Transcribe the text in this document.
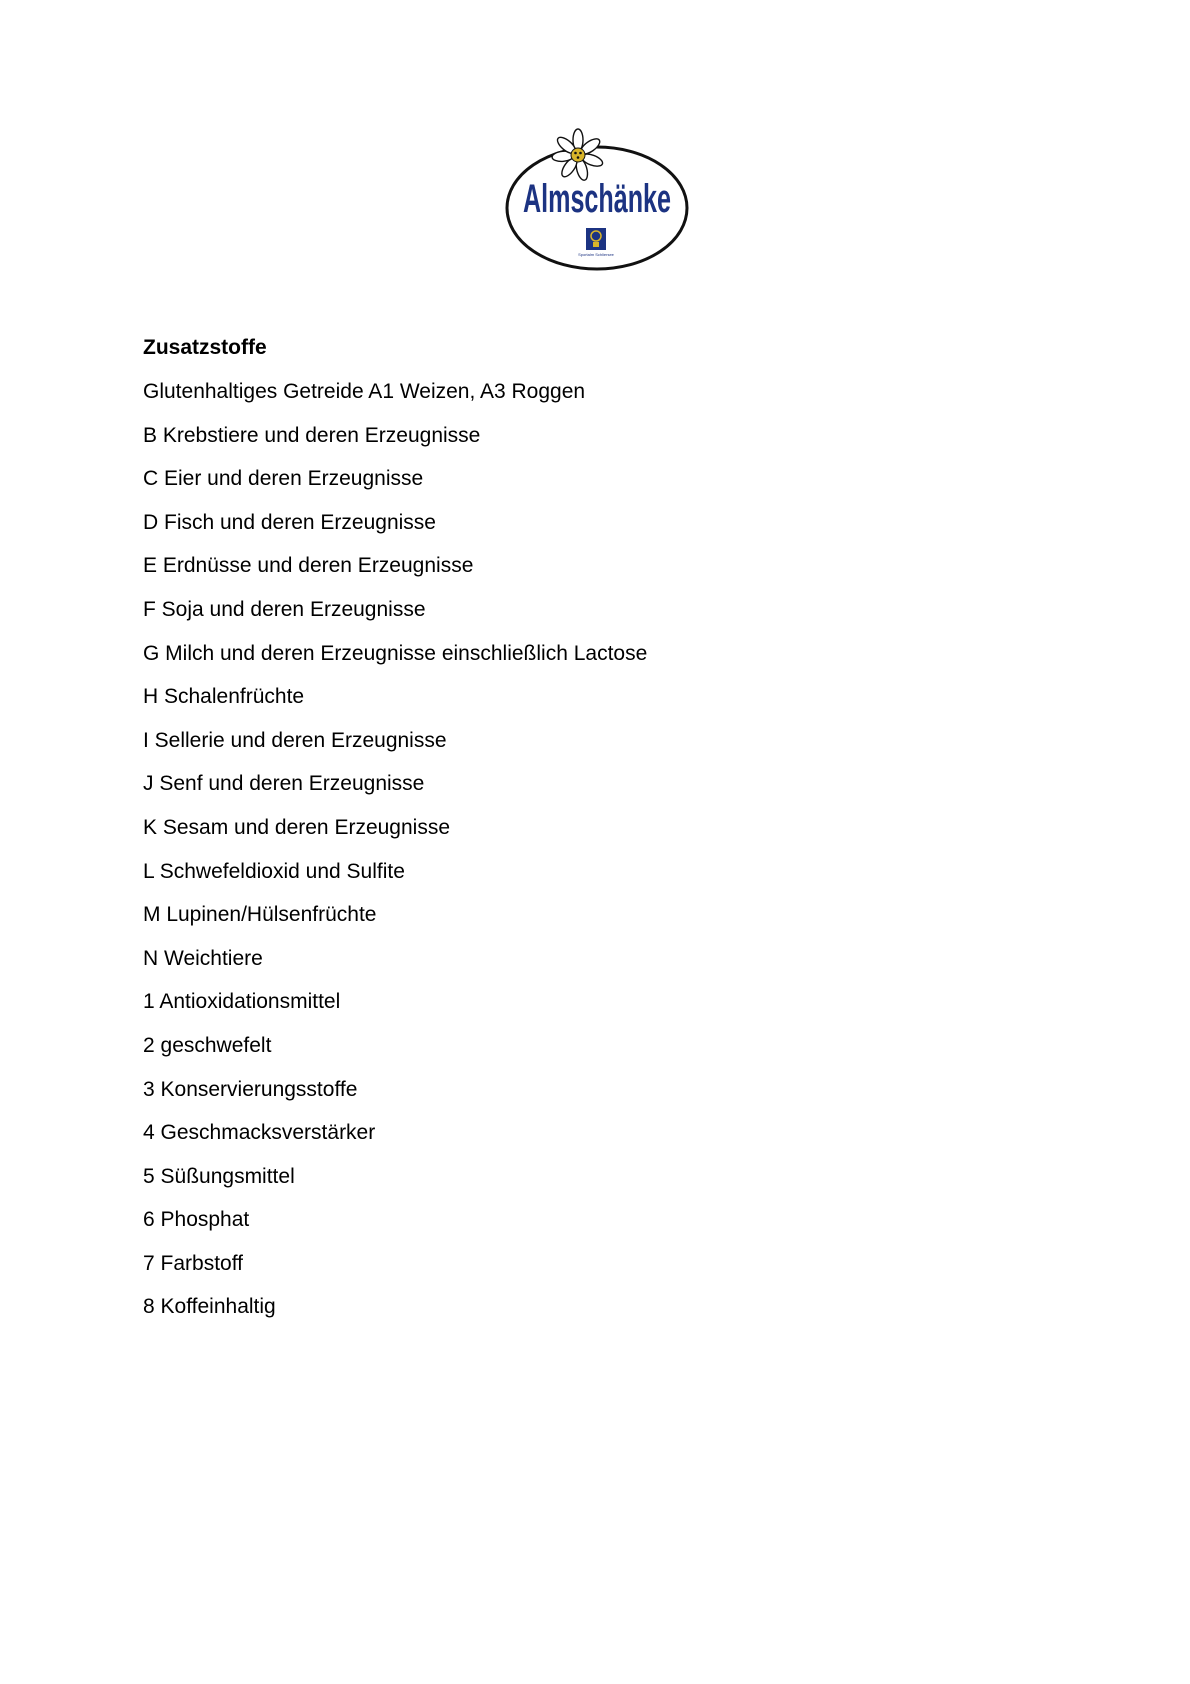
Almschänke
Sportalm Schliersee
Zusatzstoffe
Glutenhaltiges Getreide A1 Weizen, A3 Roggen
B Krebstiere und deren Erzeugnisse
C Eier und deren Erzeugnisse
D Fisch und deren Erzeugnisse
E Erdnüsse und deren Erzeugnisse
F Soja und deren Erzeugnisse
G Milch und deren Erzeugnisse einschließlich Lactose
H Schalenfrüchte
I Sellerie und deren Erzeugnisse
J Senf und deren Erzeugnisse
K Sesam und deren Erzeugnisse
L Schwefeldioxid und Sulfite
M Lupinen/Hülsenfrüchte
N Weichtiere
1 Antioxidationsmittel
2 geschwefelt
3 Konservierungsstoffe
4 Geschmacksverstärker
5 Süßungsmittel
6 Phosphat
7 Farbstoff
8 Koffeinhaltig
